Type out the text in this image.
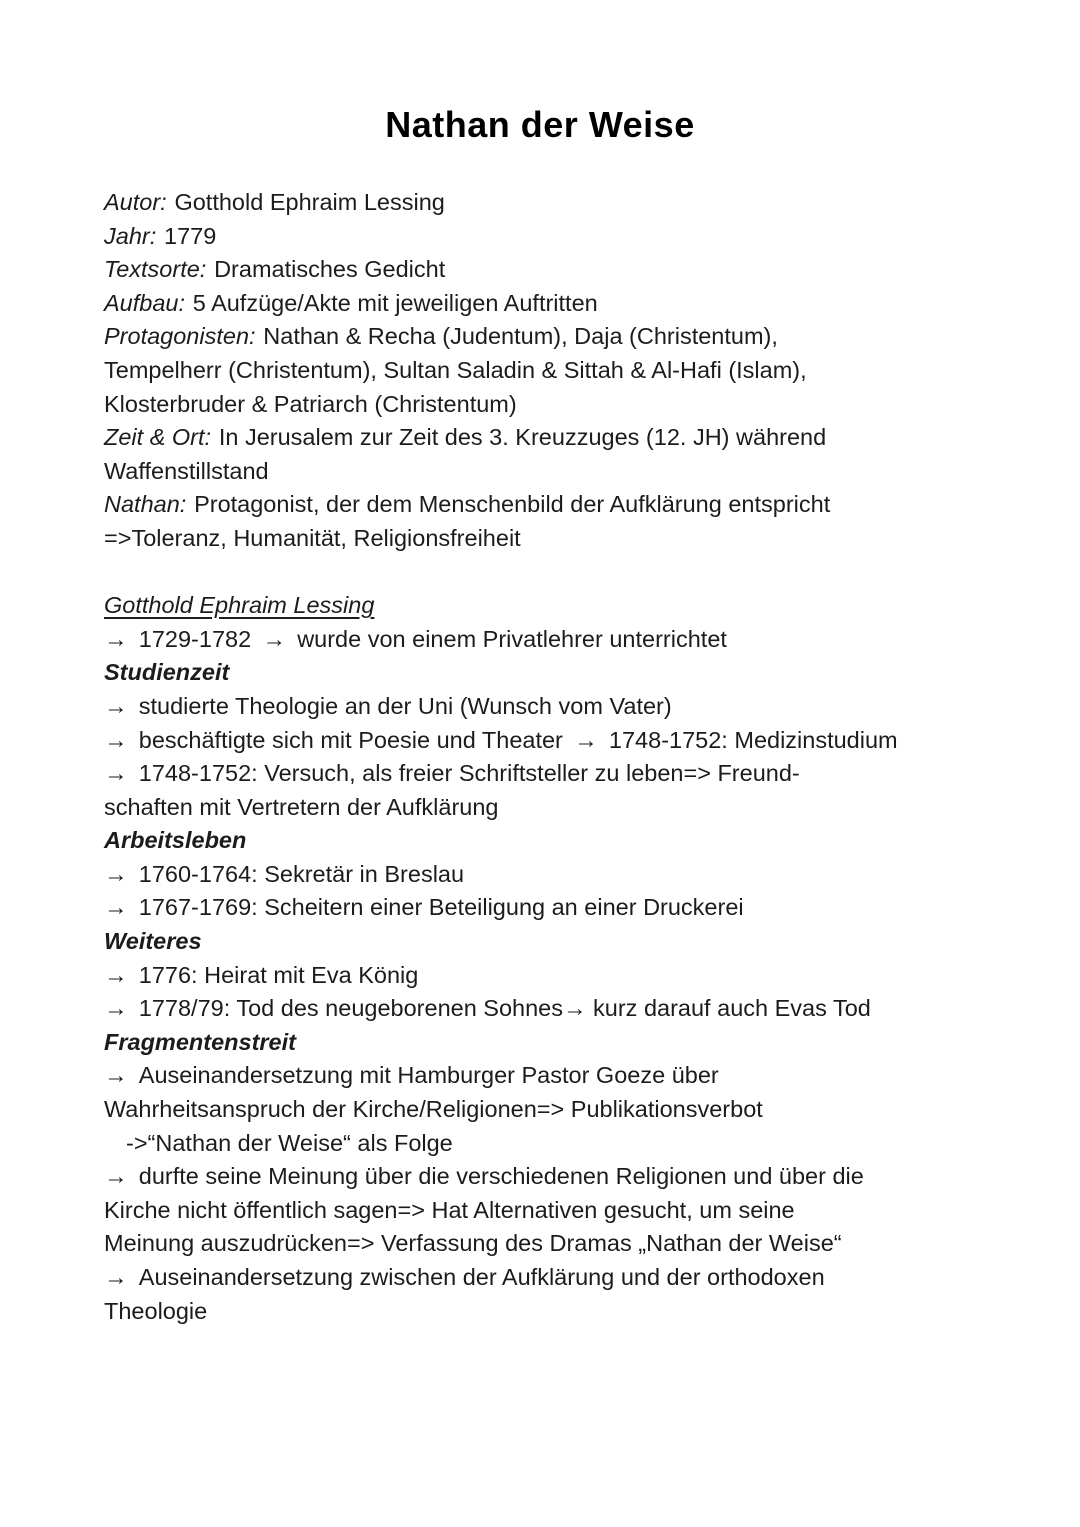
Nathan der Weise
Autor: Gotthold Ephraim Lessing
Jahr: 1779
Textsorte: Dramatisches Gedicht
Aufbau: 5 Aufzüge/Akte mit jeweiligen Auftritten
Protagonisten: Nathan & Recha (Judentum), Daja (Christentum),
Tempelherr (Christentum), Sultan Saladin & Sittah & Al-Hafi (Islam),
Klosterbruder & Patriarch (Christentum)
Zeit & Ort: In Jerusalem zur Zeit des 3. Kreuzzuges (12. JH) während
Waffenstillstand
Nathan: Protagonist, der dem Menschenbild der Aufklärung entspricht
=>Toleranz, Humanität, Religionsfreiheit
Gotthold Ephraim Lessing
→ 1729-1782 → wurde von einem Privatlehrer unterrichtet
Studienzeit
→ studierte Theologie an der Uni (Wunsch vom Vater)→ beschäftigte sich mit Poesie und Theater → 1748-1752: Medizinstudium→ 1748-1752: Versuch, als freier Schriftsteller zu leben=> Freund-
schaften mit Vertretern der Aufklärung
Arbeitsleben
→ 1760-1764: Sekretär in Breslau→ 1767-1769: Scheitern einer Beteiligung an einer Druckerei
Weiteres
→ 1776: Heirat mit Eva König→ 1778/79: Tod des neugeborenen Sohnes→ kurz darauf auch Evas Tod
Fragmentenstreit
→ Auseinandersetzung mit Hamburger Pastor Goeze über
Wahrheitsanspruch der Kirche/Religionen=> Publikationsverbot
->“Nathan der Weise“ als Folge
→ durfte seine Meinung über die verschiedenen Religionen und über die
Kirche nicht öffentlich sagen=> Hat Alternativen gesucht, um seine
Meinung auszudrücken=> Verfassung des Dramas „Nathan der Weise“
→ Auseinandersetzung zwischen der Aufklärung und der orthodoxen
Theologie
